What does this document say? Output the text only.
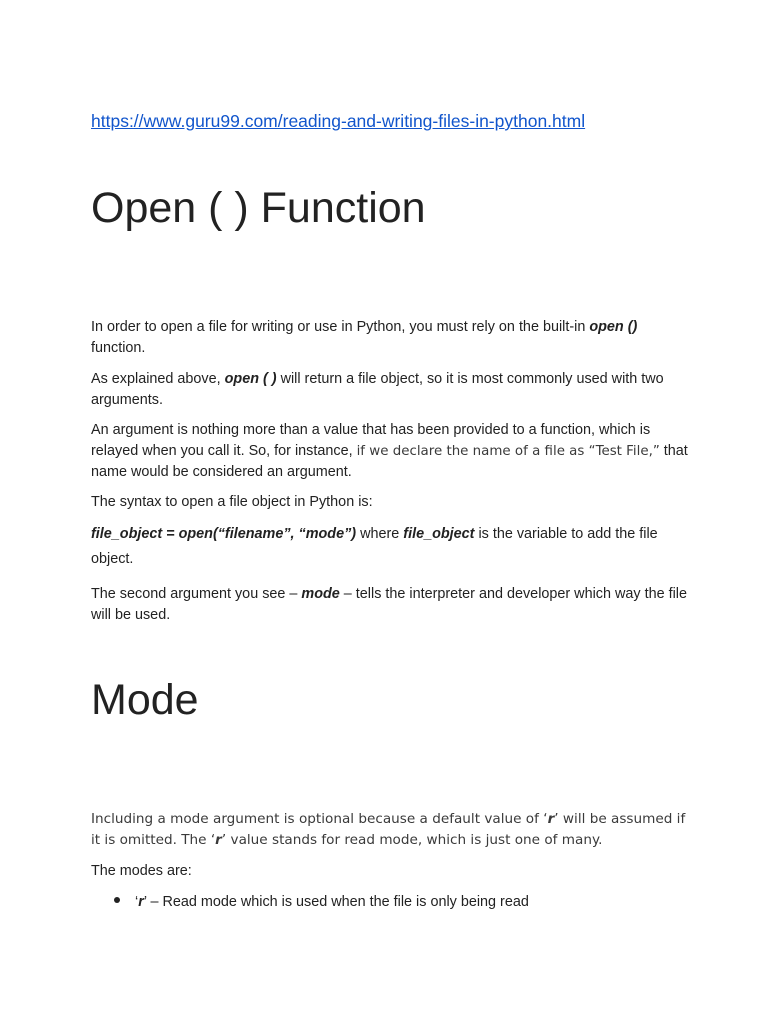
https://www.guru99.com/reading-and-writing-files-in-python.html
Open ( ) Function

In order to open a file for writing or use in Python, you must rely on the built-in open () function.

As explained above, open ( ) will return a file object, so it is most commonly used with two arguments.

An argument is nothing more than a value that has been provided to a function, which is relayed when you call it. So, for instance, if we declare the name of a file as “Test File,” that name would be considered an argument.

The syntax to open a file object in Python is:

file_object = open(“filename”, “mode”) where file_object is the variable to add the file object.

The second argument you see – mode – tells the interpreter and developer which way the file will be used.

Mode

Including a mode argument is optional because a default value of ‘r’ will be assumed if it is omitted. The ‘r’ value stands for read mode, which is just one of many.

The modes are:

‘r’ – Read mode which is used when the file is only being read
